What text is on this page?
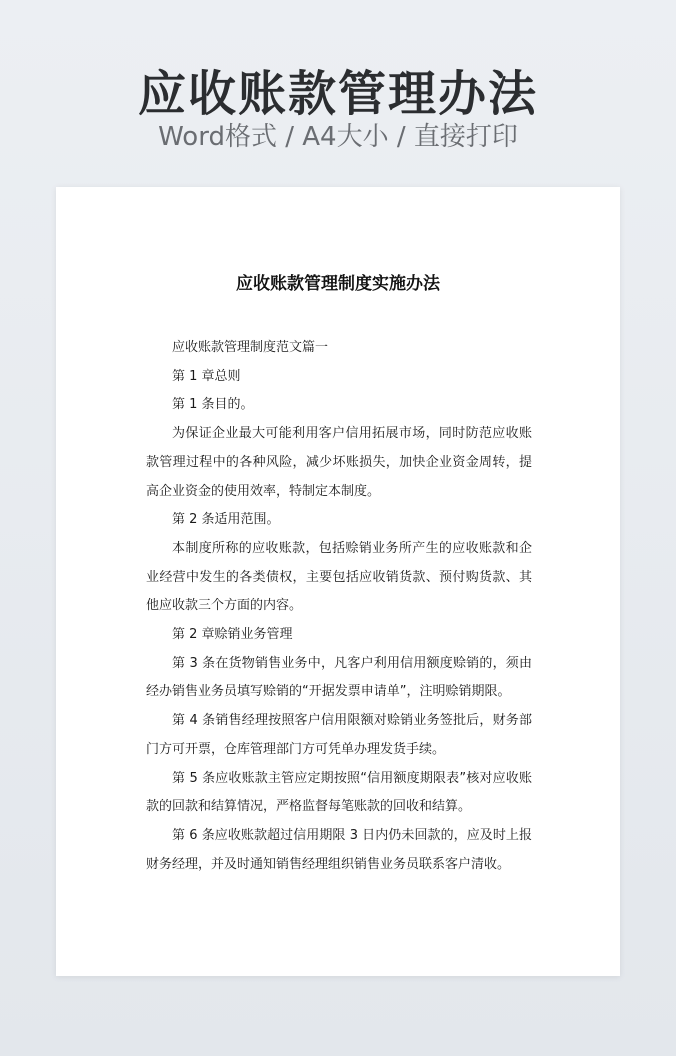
应收账款管理办法
Word格式 / A4大小 / 直接打印
应收账款管理制度实施办法

应收账款管理制度范文篇一

第 1 章总则

第 1 条目的。

为保证企业最大可能利用客户信用拓展市场，同时防范应收账款管理过程中的各种风险，减少坏账损失，加快企业资金周转，提高企业资金的使用效率，特制定本制度。

第 2 条适用范围。

本制度所称的应收账款，包括赊销业务所产生的应收账款和企业经营中发生的各类债权，主要包括应收销货款、预付购货款、其他应收款三个方面的内容。

第 2 章赊销业务管理

第 3 条在货物销售业务中，凡客户利用信用额度赊销的，须由经办销售业务员填写赊销的“开据发票申请单”，注明赊销期限。

第 4 条销售经理按照客户信用限额对赊销业务签批后，财务部门方可开票，仓库管理部门方可凭单办理发货手续。

第 5 条应收账款主管应定期按照“信用额度期限表”核对应收账款的回款和结算情况，严格监督每笔账款的回收和结算。

第 6 条应收账款超过信用期限 3 日内仍未回款的，应及时上报财务经理，并及时通知销售经理组织销售业务员联系客户清收。
